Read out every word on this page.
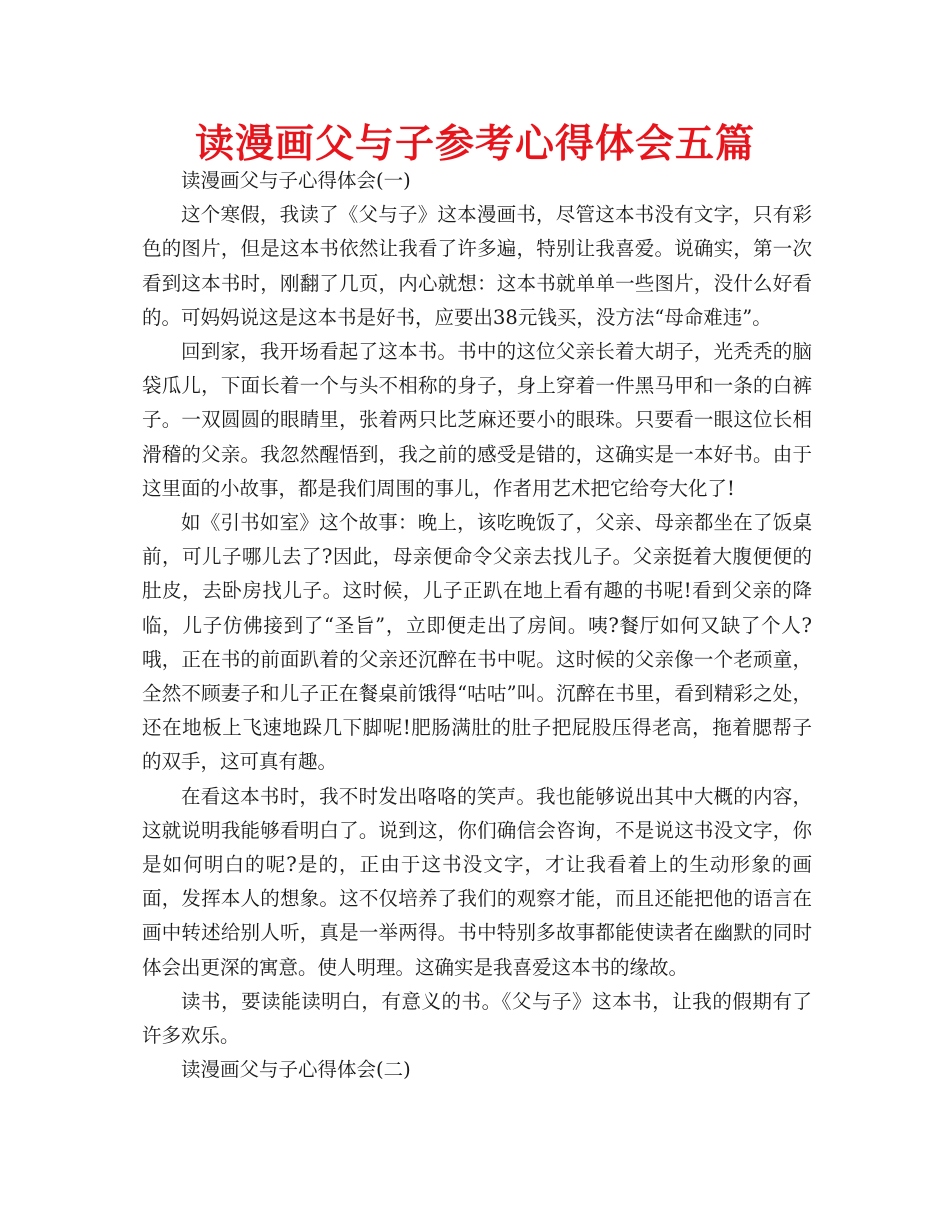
读漫画父与子参考心得体会五篇

读漫画父与子心得体会(一)

这个寒假，我读了《父与子》这本漫画书，尽管这本书没有文字，只有彩色的图片，但是这本书依然让我看了许多遍，特别让我喜爱。说确实，第一次看到这本书时，刚翻了几页，内心就想：这本书就单单一些图片，没什么好看的。可妈妈说这是这本书是好书，应要出38元钱买，没方法“母命难违”。

回到家，我开场看起了这本书。书中的这位父亲长着大胡子，光秃秃的脑袋瓜儿，下面长着一个与头不相称的身子，身上穿着一件黑马甲和一条的白裤子。一双圆圆的眼睛里，张着两只比芝麻还要小的眼珠。只要看一眼这位长相滑稽的父亲。我忽然醒悟到，我之前的感受是错的，这确实是一本好书。由于这里面的小故事，都是我们周围的事儿，作者用艺术把它给夸大化了!

如《引书如室》这个故事：晚上，该吃晚饭了，父亲、母亲都坐在了饭桌前，可儿子哪儿去了?因此，母亲便命令父亲去找儿子。父亲挺着大腹便便的肚皮，去卧房找儿子。这时候，儿子正趴在地上看有趣的书呢!看到父亲的降临，儿子仿佛接到了“圣旨”，立即便走出了房间。咦?餐厅如何又缺了个人?哦，正在书的前面趴着的父亲还沉醉在书中呢。这时候的父亲像一个老顽童，全然不顾妻子和儿子正在餐桌前饿得“咕咕”叫。沉醉在书里，看到精彩之处，还在地板上飞速地跺几下脚呢!肥肠满肚的肚子把屁股压得老高，拖着腮帮子的双手，这可真有趣。

在看这本书时，我不时发出咯咯的笑声。我也能够说出其中大概的内容，这就说明我能够看明白了。说到这，你们确信会咨询，不是说这书没文字，你是如何明白的呢?是的，正由于这书没文字，才让我看着上的生动形象的画面，发挥本人的想象。这不仅培养了我们的观察才能，而且还能把他的语言在画中转述给别人听，真是一举两得。书中特别多故事都能使读者在幽默的同时体会出更深的寓意。使人明理。这确实是我喜爱这本书的缘故。

读书，要读能读明白，有意义的书。《父与子》这本书，让我的假期有了许多欢乐。

读漫画父与子心得体会(二)
